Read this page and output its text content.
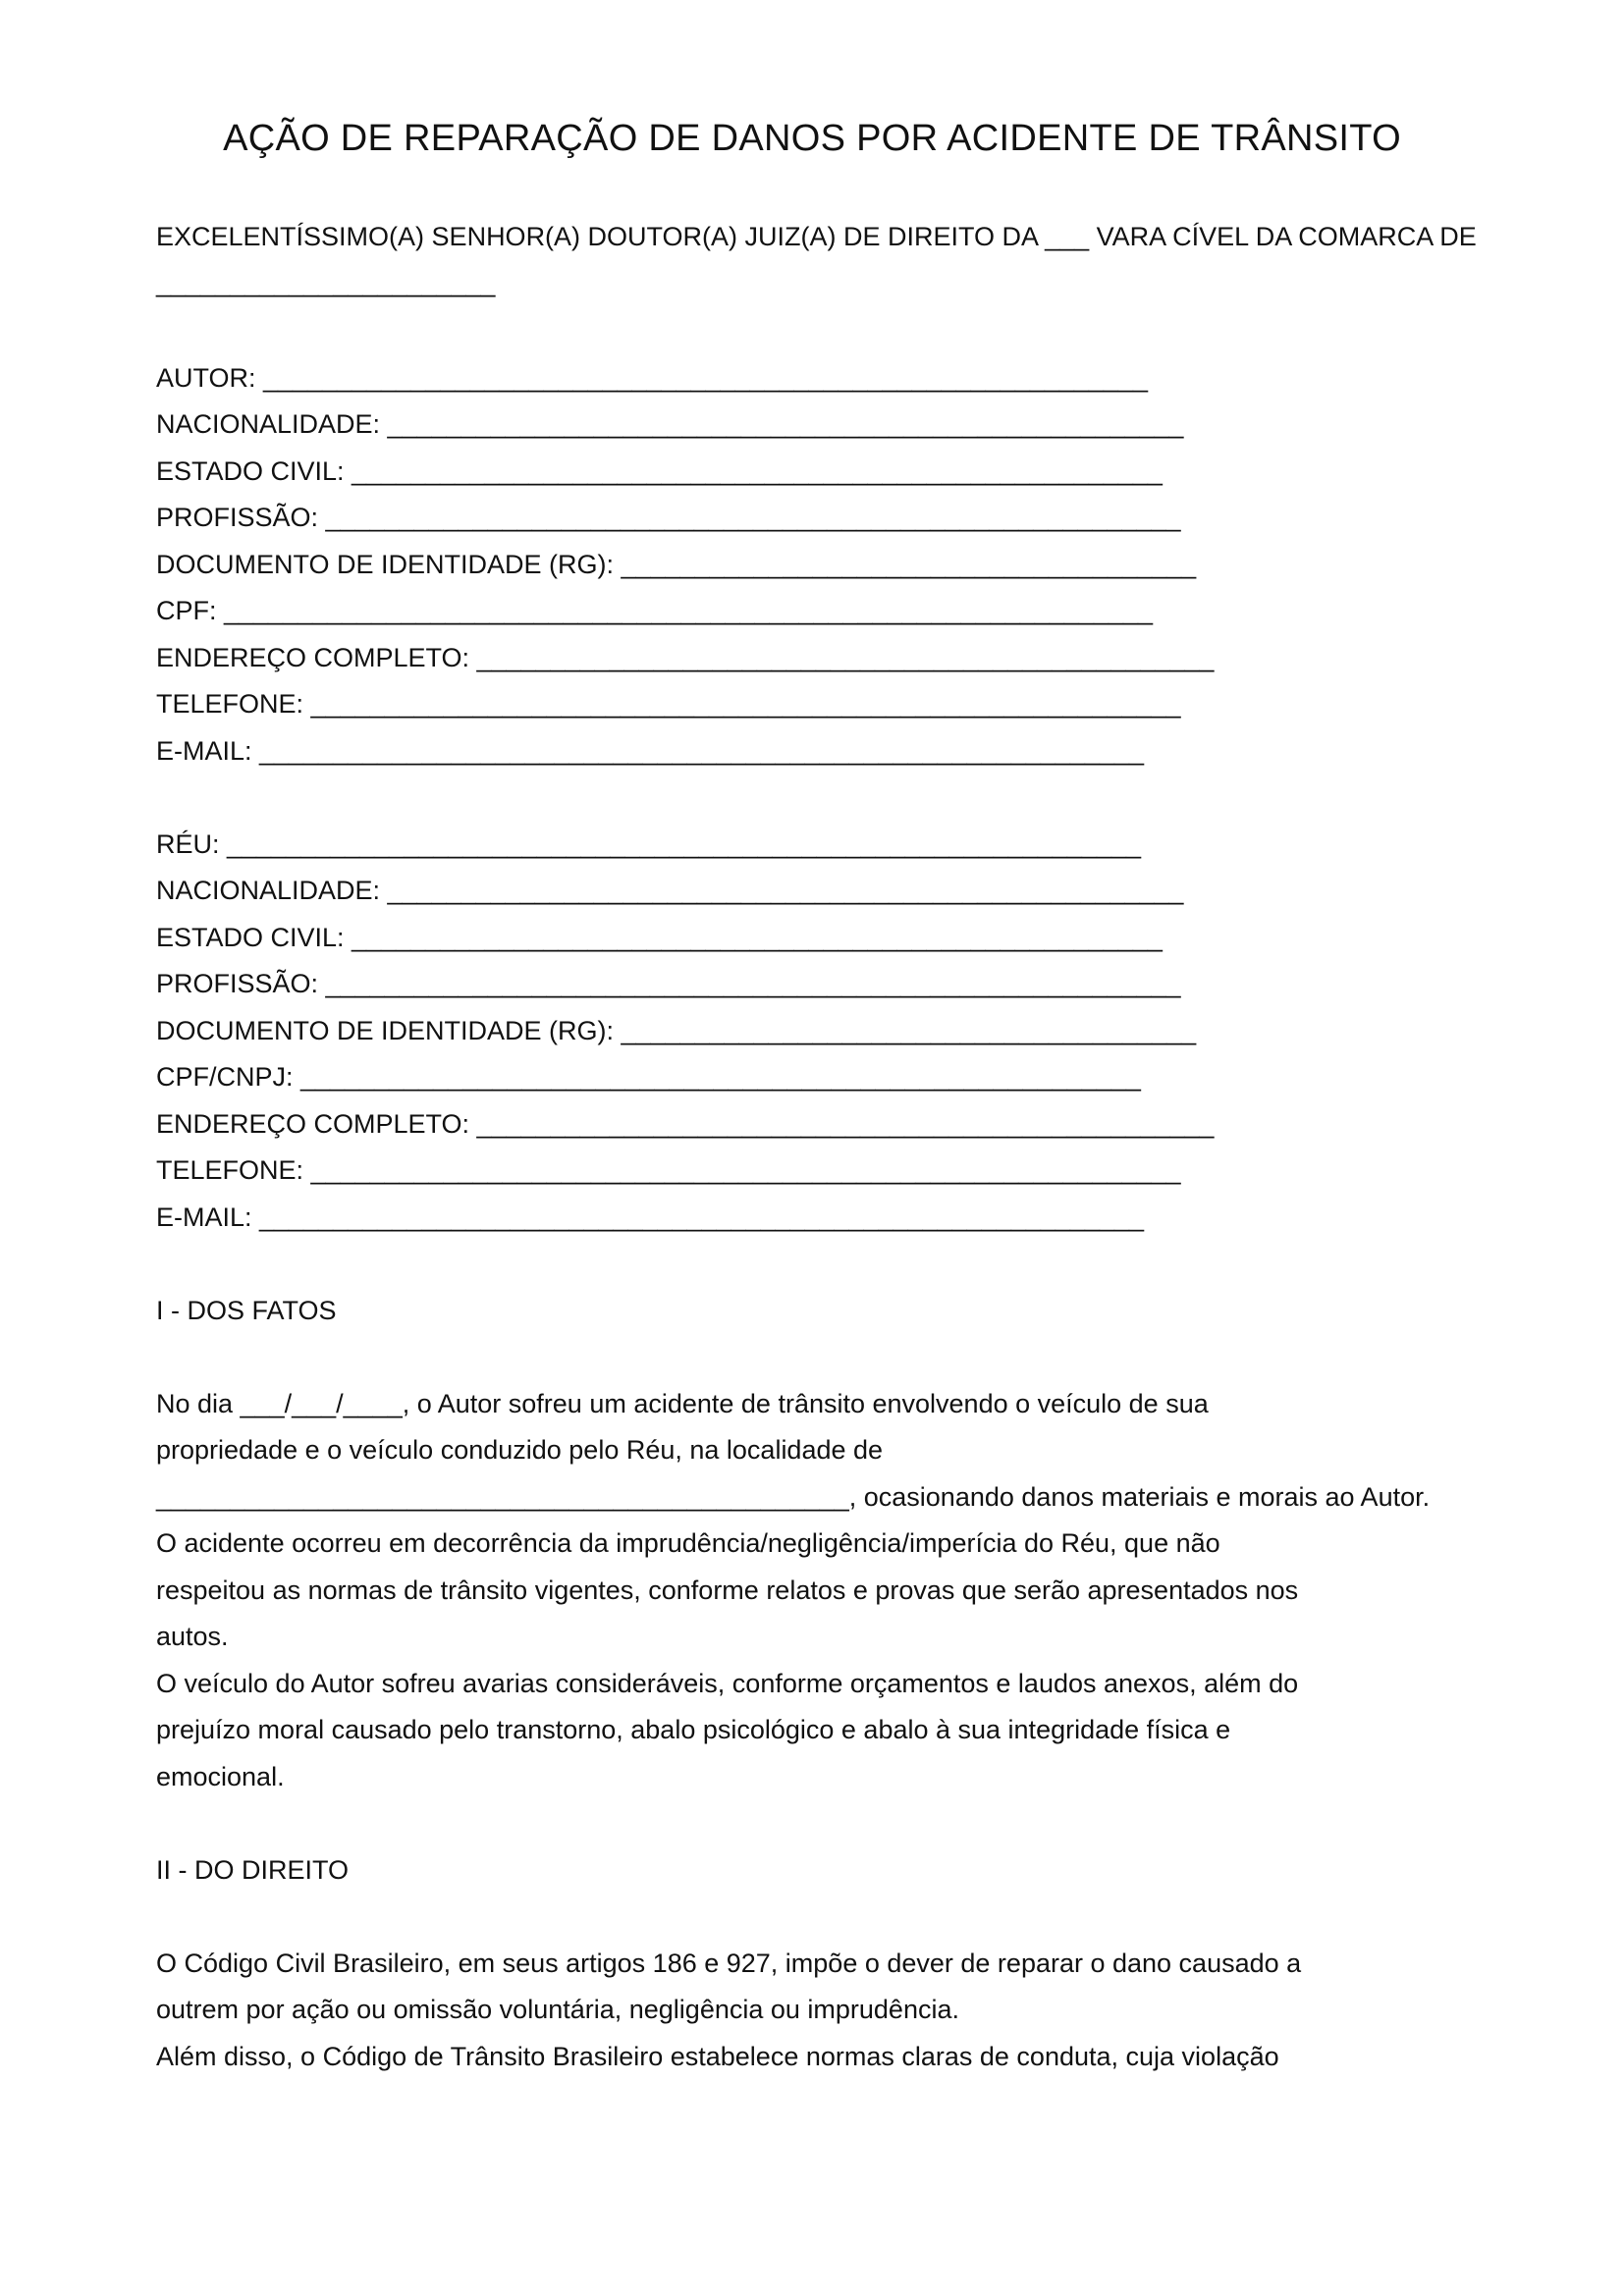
AÇÃO DE REPARAÇÃO DE DANOS POR ACIDENTE DE TRÂNSITO
EXCELENTÍSSIMO(A) SENHOR(A) DOUTOR(A) JUIZ(A) DE DIREITO DA ___ VARA CÍVEL DA COMARCA DE
_______________________
AUTOR: ____________________________________________________________
NACIONALIDADE: ______________________________________________________
ESTADO CIVIL: _______________________________________________________
PROFISSÃO: __________________________________________________________
DOCUMENTO DE IDENTIDADE (RG): _______________________________________
CPF: _______________________________________________________________
ENDEREÇO COMPLETO: __________________________________________________
TELEFONE: ___________________________________________________________
E-MAIL: ____________________________________________________________
RÉU: ______________________________________________________________
NACIONALIDADE: ______________________________________________________
ESTADO CIVIL: _______________________________________________________
PROFISSÃO: __________________________________________________________
DOCUMENTO DE IDENTIDADE (RG): _______________________________________
CPF/CNPJ: _________________________________________________________
ENDEREÇO COMPLETO: __________________________________________________
TELEFONE: ___________________________________________________________
E-MAIL: ____________________________________________________________
I - DOS FATOS
No dia ___/___/____, o Autor sofreu um acidente de trânsito envolvendo o veículo de sua
propriedade e o veículo conduzido pelo Réu, na localidade de
_______________________________________________, ocasionando danos materiais e morais ao Autor.
O acidente ocorreu em decorrência da imprudência/negligência/imperícia do Réu, que não
respeitou as normas de trânsito vigentes, conforme relatos e provas que serão apresentados nos
autos.
O veículo do Autor sofreu avarias consideráveis, conforme orçamentos e laudos anexos, além do
prejuízo moral causado pelo transtorno, abalo psicológico e abalo à sua integridade física e
emocional.
II - DO DIREITO
O Código Civil Brasileiro, em seus artigos 186 e 927, impõe o dever de reparar o dano causado a
outrem por ação ou omissão voluntária, negligência ou imprudência.
Além disso, o Código de Trânsito Brasileiro estabelece normas claras de conduta, cuja violação
